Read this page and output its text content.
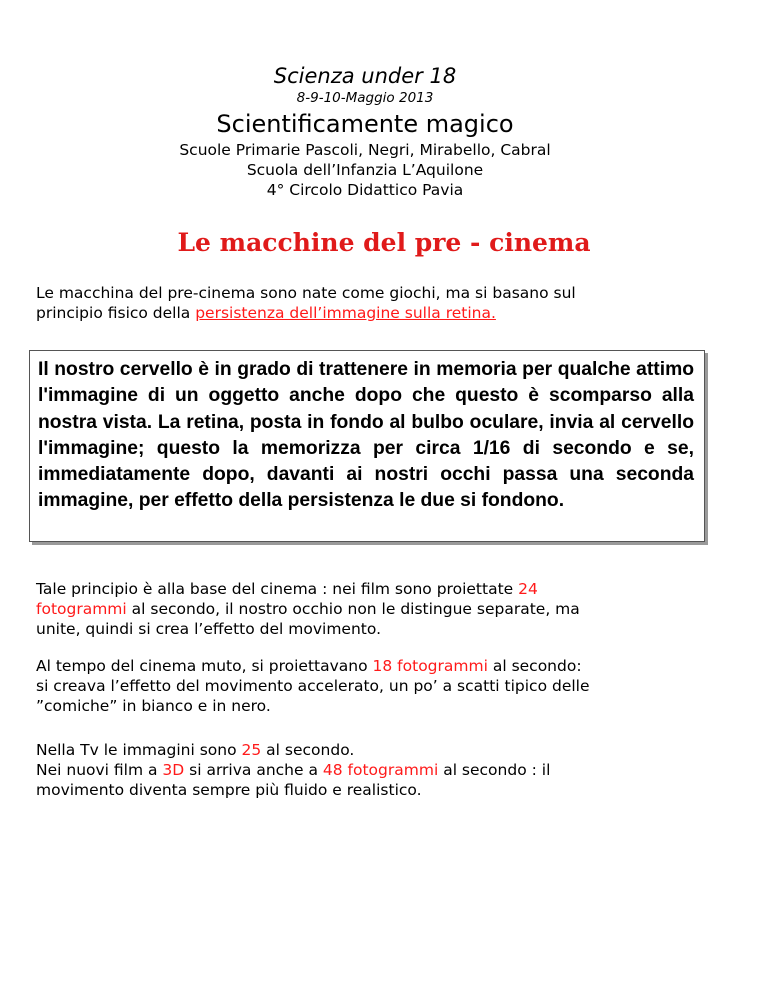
Scienza under 18
8-9-10-Maggio 2013
Scientificamente magico
Scuole Primarie Pascoli, Negri, Mirabello, Cabral
Scuola dell’Infanzia L’Aquilone
4° Circolo Didattico Pavia
Le macchine del pre - cinema
Le macchina del pre-cinema sono nate come giochi, ma si basano sul
principio fisico della persistenza dell’immagine sulla retina.
Il nostro cervello è in grado di trattenere in memoria per qualche attimo l'immagine di un oggetto anche dopo che questo è scomparso alla nostra vista. La retina, posta in fondo al bulbo oculare, invia al cervello l'immagine; questo la memorizza per circa 1/16 di secondo e se, immediatamente dopo, davanti ai nostri occhi passa una seconda immagine, per effetto della persistenza le due si fondono.
Tale principio è alla base del cinema : nei film sono proiettate 24
fotogrammi al secondo, il nostro occhio non le distingue separate, ma
unite, quindi si crea l’effetto del movimento.
Al tempo del cinema muto, si proiettavano 18 fotogrammi al secondo:
si creava l’effetto del movimento accelerato, un po’ a scatti tipico delle
”comiche” in bianco e in nero.
Nella Tv le immagini sono 25 al secondo.
Nei nuovi film a 3D si arriva anche a 48 fotogrammi al secondo : il
movimento diventa sempre più fluido e realistico.
